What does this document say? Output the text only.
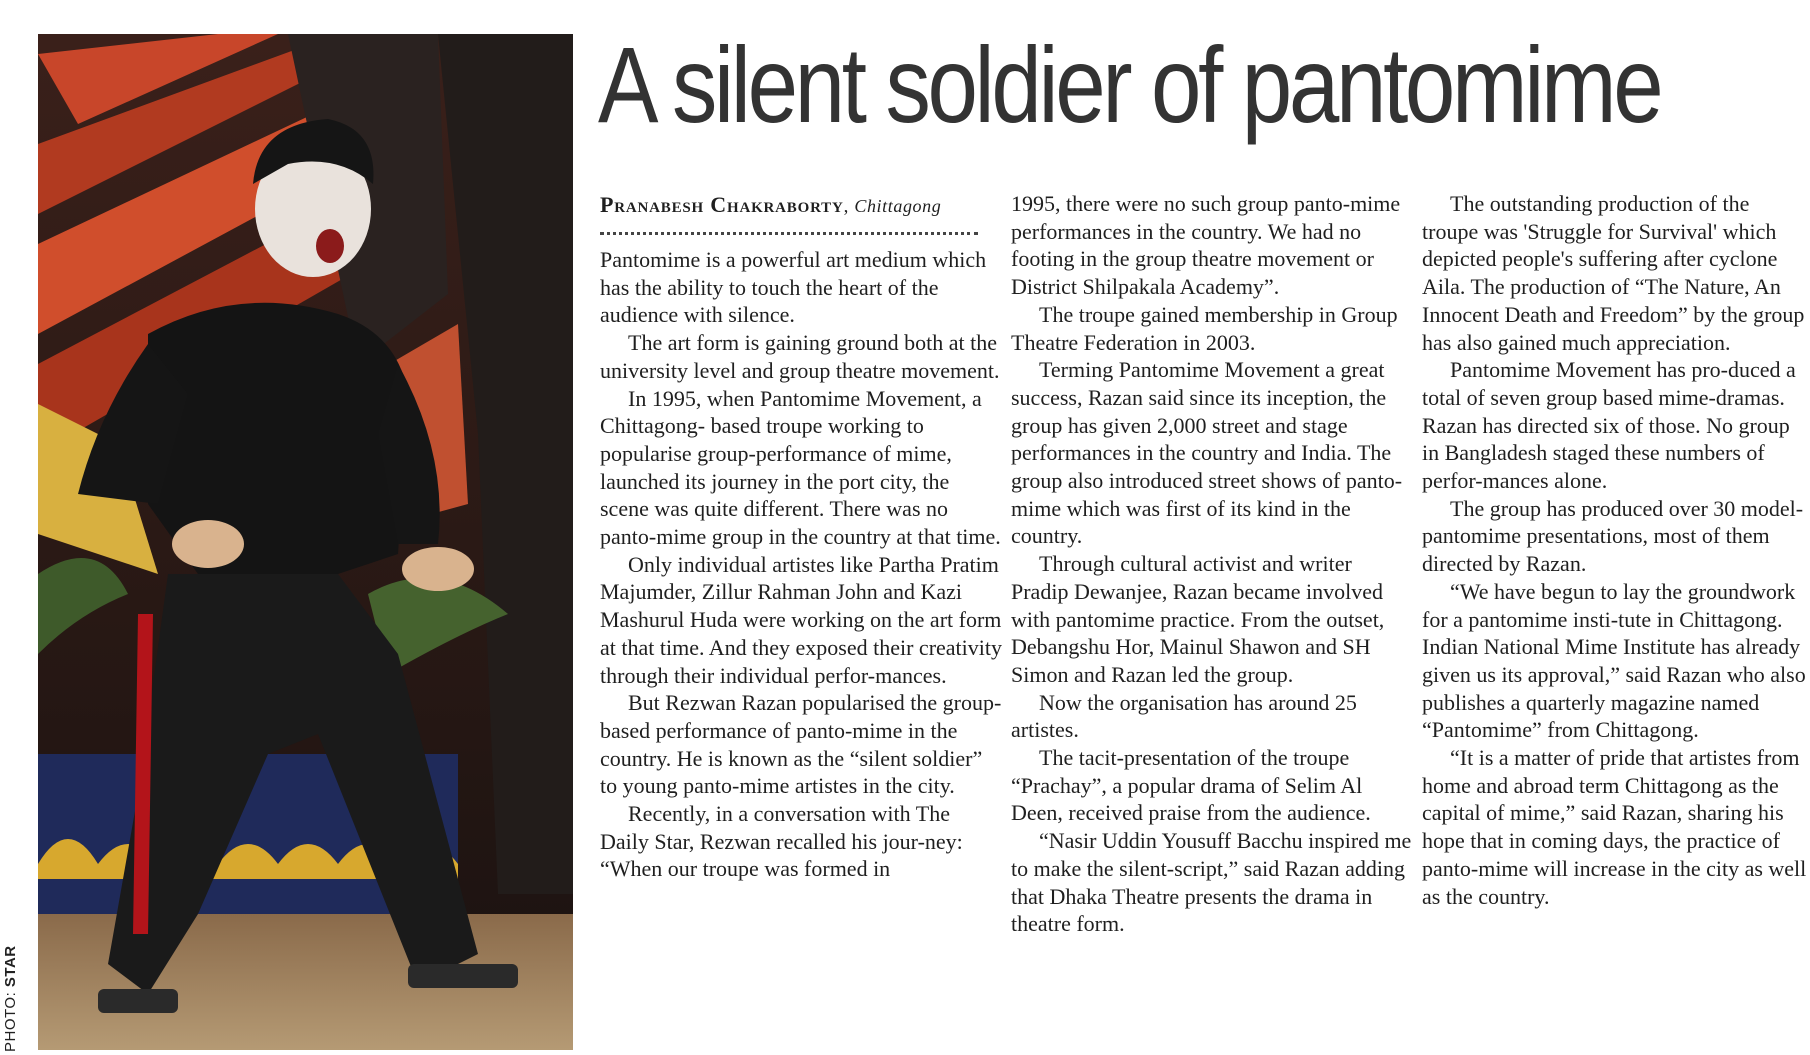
PHOTO: STAR
A silent soldier of pantomime

Pranabesh Chakraborty, Chittagong

Pantomime is a powerful art medium which has the ability to touch the heart of the audience with silence.

The art form is gaining ground both at the university level and group theatre movement.

In 1995, when Pantomime Movement, a Chittagong- based troupe working to popularise group-performance of mime, launched its journey in the port city, the scene was quite different. There was no panto-mime group in the country at that time.

Only individual artistes like Partha Pratim Majumder, Zillur Rahman John and Kazi Mashurul Huda were working on the art form at that time. And they exposed their creativity through their individual perfor-mances.

But Rezwan Razan popularised the group-based performance of panto-mime in the country. He is known as the “silent soldier” to young panto-mime artistes in the city.

Recently, in a conversation with The Daily Star, Rezwan recalled his jour-ney: “When our troupe was formed in

1995, there were no such group panto-mime performances in the country. We had no footing in the group theatre movement or District Shilpakala Academy”.

The troupe gained membership in Group Theatre Federation in 2003.

Terming Pantomime Movement a great success, Razan said since its inception, the group has given 2,000 street and stage performances in the country and India. The group also introduced street shows of panto-mime which was first of its kind in the country.

Through cultural activist and writer Pradip Dewanjee, Razan became involved with pantomime practice. From the outset, Debangshu Hor, Mainul Shawon and SH Simon and Razan led the group.

Now the organisation has around 25 artistes.

The tacit-presentation of the troupe “Prachay”, a popular drama of Selim Al Deen, received praise from the audience.

“Nasir Uddin Yousuff Bacchu inspired me to make the silent-script,” said Razan adding that Dhaka Theatre presents the drama in theatre form.

The outstanding production of the troupe was 'Struggle for Survival' which depicted people's suffering after cyclone Aila. The production of “The Nature, An Innocent Death and Freedom” by the group has also gained much appreciation.

Pantomime Movement has pro-duced a total of seven group based mime-dramas. Razan has directed six of those. No group in Bangladesh staged these numbers of perfor-mances alone.

The group has produced over 30 model-pantomime presentations, most of them directed by Razan.

“We have begun to lay the groundwork for a pantomime insti-tute in Chittagong. Indian National Mime Institute has already given us its approval,” said Razan who also publishes a quarterly magazine named “Pantomime” from Chittagong.

“It is a matter of pride that artistes from home and abroad term Chittagong as the capital of mime,” said Razan, sharing his hope that in coming days, the practice of panto-mime will increase in the city as well as the country.
